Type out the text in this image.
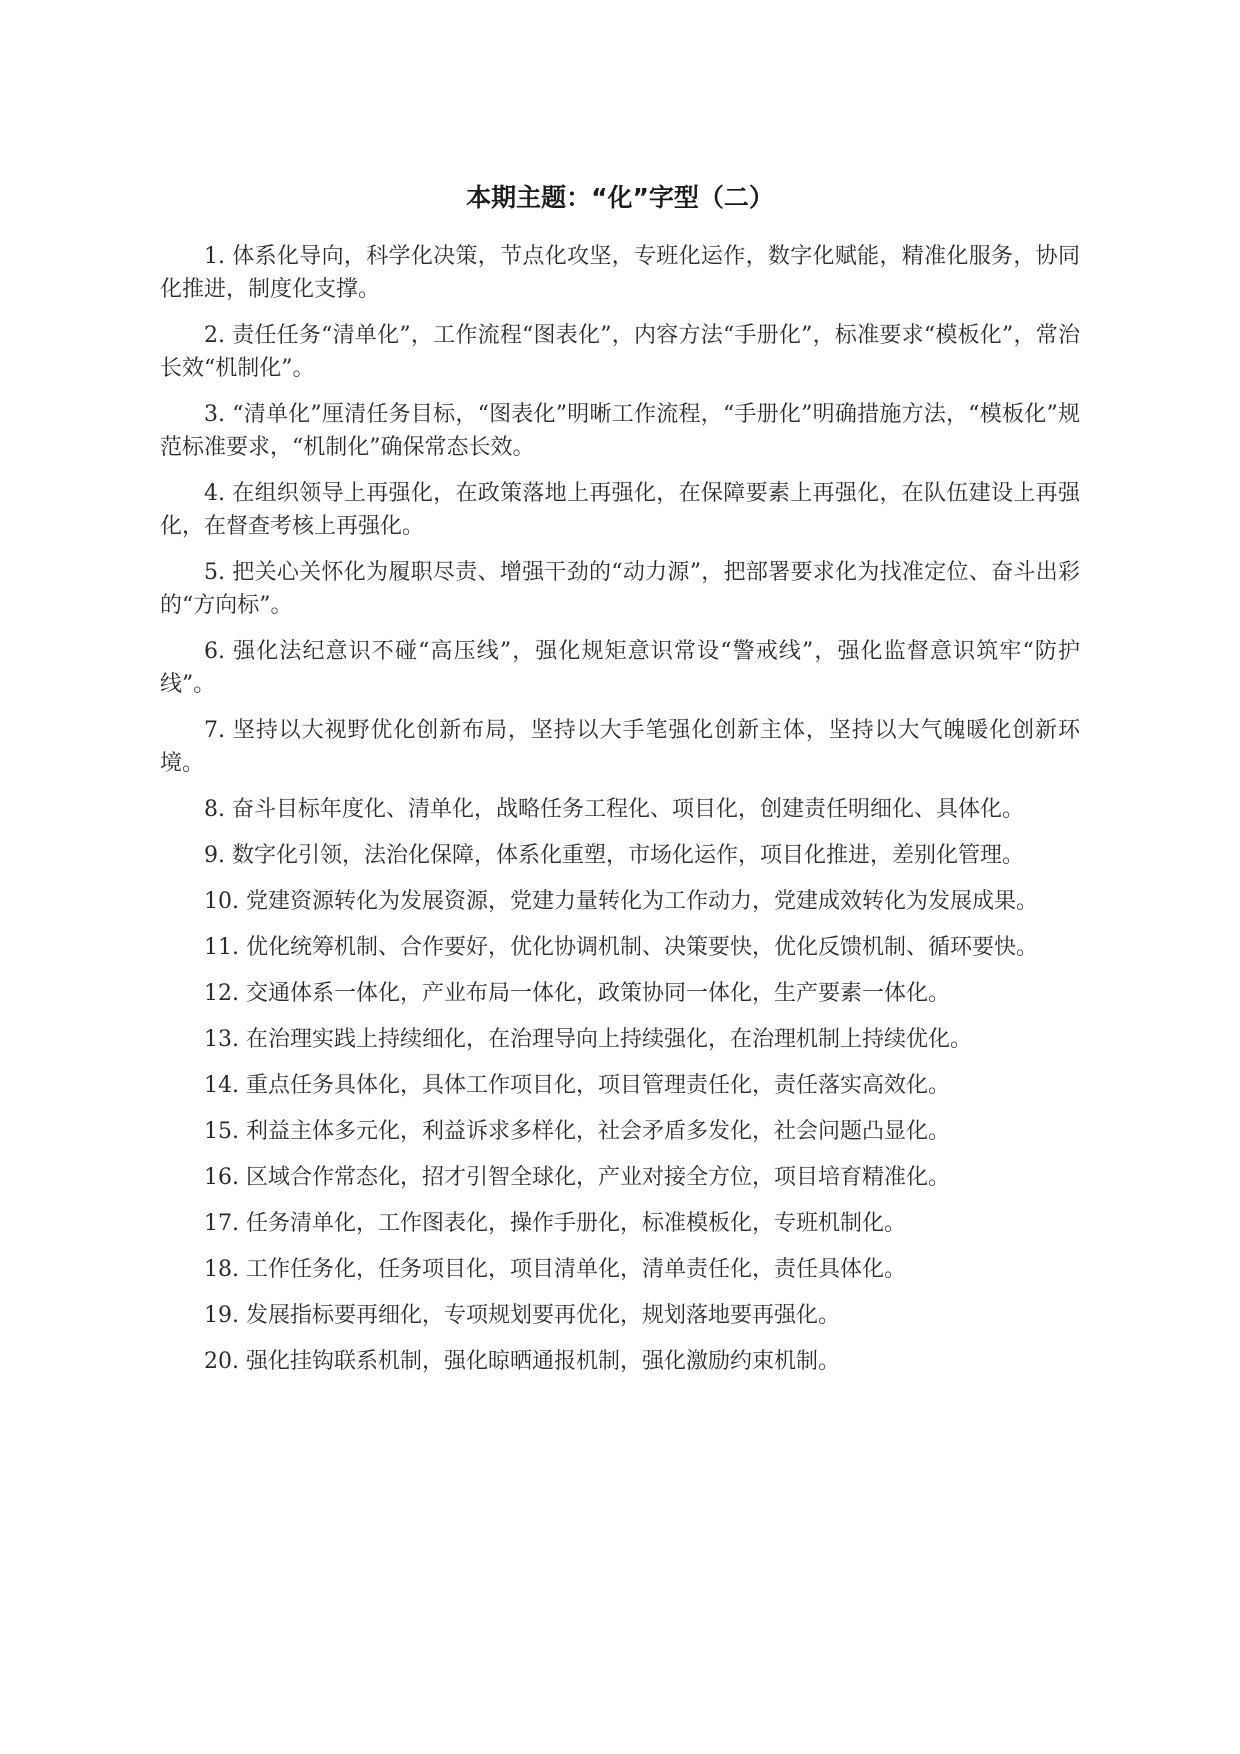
本期主题：“化”字型（二）
1. 体系化导向，科学化决策，节点化攻坚，专班化运作，数字化赋能，精准化服务，协同化推进，制度化支撑。
2. 责任任务“清单化”，工作流程“图表化”，内容方法“手册化”，标准要求“模板化”，常治长效“机制化”。
3. “清单化”厘清任务目标，“图表化”明晰工作流程，“手册化”明确措施方法，“模板化”规范标准要求，“机制化”确保常态长效。
4. 在组织领导上再强化，在政策落地上再强化，在保障要素上再强化，在队伍建设上再强化，在督查考核上再强化。
5. 把关心关怀化为履职尽责、增强干劲的“动力源”，把部署要求化为找准定位、奋斗出彩的“方向标”。
6. 强化法纪意识不碰“高压线”，强化规矩意识常设“警戒线”，强化监督意识筑牢“防护线”。
7. 坚持以大视野优化创新布局，坚持以大手笔强化创新主体，坚持以大气魄暖化创新环境。
8. 奋斗目标年度化、清单化，战略任务工程化、项目化，创建责任明细化、具体化。
9. 数字化引领，法治化保障，体系化重塑，市场化运作，项目化推进，差别化管理。
10. 党建资源转化为发展资源，党建力量转化为工作动力，党建成效转化为发展成果。
11. 优化统筹机制、合作要好，优化协调机制、决策要快，优化反馈机制、循环要快。
12. 交通体系一体化，产业布局一体化，政策协同一体化，生产要素一体化。
13. 在治理实践上持续细化，在治理导向上持续强化，在治理机制上持续优化。
14. 重点任务具体化，具体工作项目化，项目管理责任化，责任落实高效化。
15. 利益主体多元化，利益诉求多样化，社会矛盾多发化，社会问题凸显化。
16. 区域合作常态化，招才引智全球化，产业对接全方位，项目培育精准化。
17. 任务清单化，工作图表化，操作手册化，标准模板化，专班机制化。
18. 工作任务化，任务项目化，项目清单化，清单责任化，责任具体化。
19. 发展指标要再细化，专项规划要再优化，规划落地要再强化。
20. 强化挂钩联系机制，强化晾晒通报机制，强化激励约束机制。
